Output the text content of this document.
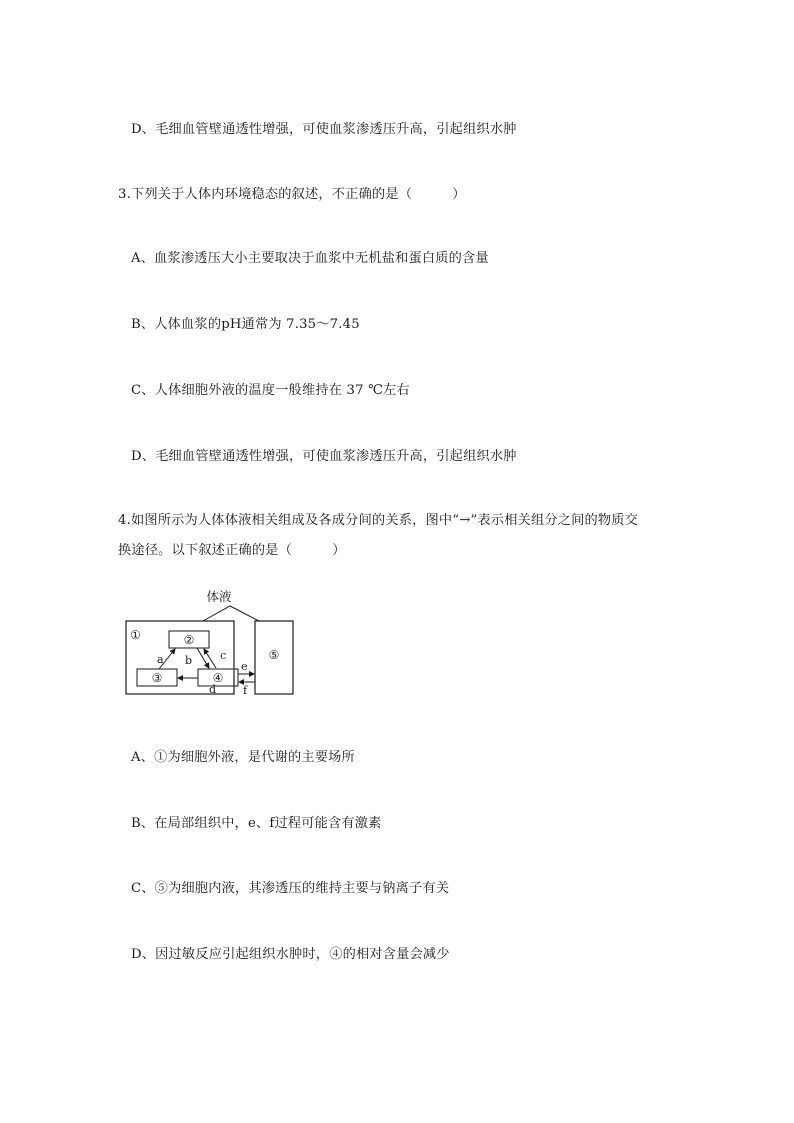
D、毛细血管壁通透性增强，可使血浆渗透压升高，引起组织水肿
3.下列关于人体内环境稳态的叙述，不正确的是（　　　）
A、血浆渗透压大小主要取决于血浆中无机盐和蛋白质的含量
B、人体血浆的pH通常为 7.35～7.45
C、人体细胞外液的温度一般维持在 37 ℃左右
D、毛细血管壁通透性增强，可使血浆渗透压升高，引起组织水肿
4.如图所示为人体体液相关组成及各成分间的关系，图中“→”表示相关组分之间的物质交
换途径。以下叙述正确的是（　　　）
体液
①	②
③	④
⑤
a b	c
d
e
f
A、①为细胞外液，是代谢的主要场所
B、在局部组织中，e、f过程可能含有激素
C、⑤为细胞内液，其渗透压的维持主要与钠离子有关
D、因过敏反应引起组织水肿时，④的相对含量会减少
